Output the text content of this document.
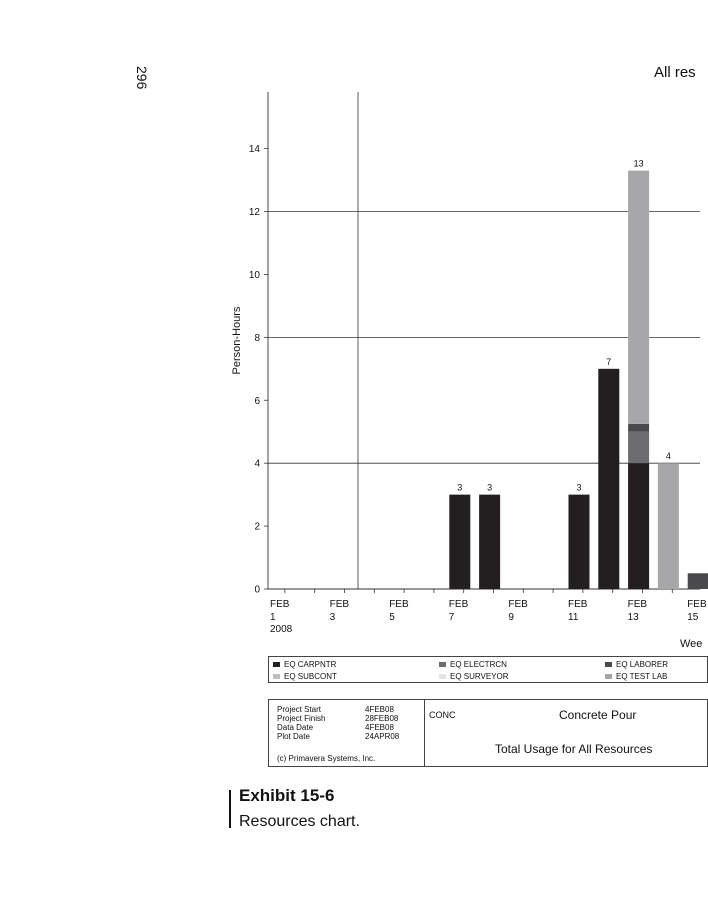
296	All res
0
2
4
6
8
10
12
14
Person-Hours
FEB
1
2008
FEB
3
FEB
5
FEB
7
FEB
9
FEB
11
FEB
13
FEB
15
Wee
3	3	3
7
13
4
EQ CARPNTR	EQ ELECTRCN	EQ LABORER
EQ SUBCONT	EQ SURVEYOR	EQ TEST LAB
Project Start	4FEB08
Project Finish	28FEB08
Data Date	4FEB08
Plot Date	24APR08
(c) Primavera Systems, Inc.
CONC	Concrete Pour
Total Usage for All Resources
Exhibit 15-6
Resources chart.
